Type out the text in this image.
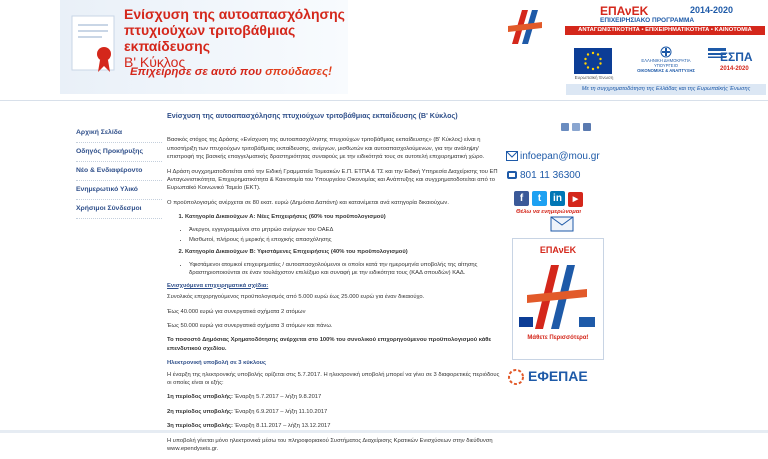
Ενίσχυση της αυτοαπασχόλησης
πτυχιούχων τριτοβάθμιας εκπαίδευσης
Β' Κύκλος
Επιχείρησε σε αυτό που σπούδασες!
ΕΠΑνΕΚ	2014-2020
ΕΠΙΧΕΙΡΗΣΙΑΚΟ ΠΡΟΓΡΑΜΜΑ
ΑΝΤΑΓΩΝΙΣΤΙΚΟΤΗΤΑ • ΕΠΙΧΕΙΡΗΜΑΤΙΚΟΤΗΤΑ • ΚΑΙΝΟΤΟΜΙΑ
Ευρωπαϊκή Ένωση
ΕΛΛΗΝΙΚΗ ΔΗΜΟΚΡΑΤΙΑ
ΥΠΟΥΡΓΕΙΟ
ΟΙΚΟΝΟΜΙΑΣ & ΑΝΑΠΤΥΞΗΣ
ΕΣΠΑ
2014-2020
Με τη συγχρηματοδότηση της Ελλάδας και της Ευρωπαϊκής Ένωσης
Αρχική Σελίδα
Οδηγός Προκήρυξης
Νέο & Ενδιαφέροντο
Ενημερωτικό Υλικό
Χρήσιμοι Σύνδεσμοι
Ενίσχυση της αυτοαπασχόλησης πτυχιούχων τριτοβάθμιας εκπαίδευσης (Β' Κύκλος)

Βασικός στόχος της Δράσης «Ενίσχυση της αυτοαπασχόλησης πτυχιούχων τριτοβάθμιας εκπαίδευσης» (Β' Κύκλος) είναι η υποστήριξη των πτυχιούχων τριτοβάθμιας εκπαίδευσης, ανέργων, μισθωτών και αυτοαπασχολούμενων, για την ανάληψη/επιστροφή της βασικής επαγγελματικής δραστηριότητας συναφούς με την ειδικότητά τους σε αυτοτελή επιχειρηματική χώρο.

Η Δράση συγχρηματοδοτείται από την Ειδική Γραμματεία Τομεακών Ε.Π. ΕΤΠΑ & ΤΣ και την Ειδική Υπηρεσία Διαχείρισης του ΕΠ Ανταγωνιστικότητα, Επιχειρηματικότητα & Καινοτομία του Υπουργείου Οικονομίας και Ανάπτυξης και συγχρηματοδοτείται από το Ευρωπαϊκό Κοινωνικό Ταμείο (ΕΚΤ).

Ο προϋπολογισμός ανέρχεται σε 80 εκατ. ευρώ (Δημόσια Δαπάνη) και κατανέμεται ανά κατηγορία δικαιούχων.

1. Κατηγορία Δικαιούχων Α: Νέες Επιχειρήσεις (60% του προϋπολογισμού)
• Άνεργοι, εγγεγραμμένοι στο μητρώο ανέργων του ΟΑΕΔ
• Μισθωτοί, πλήρους ή μερικής ή εποχικής απασχόλησης
2. Κατηγορία Δικαιούχων Β: Υφιστάμενες Επιχειρήσεις (40% του προϋπολογισμού)
• Υφιστάμενοι ατομικοί επιχειρηματίες / αυτοαπασχολούμενοι οι οποίοι κατά την ημερομηνία υποβολής της αίτησης δραστηριοποιούνται σε έναν τουλάχιστον επιλέξιμο και συναφή με την ειδικότητα τους (ΚΑΔ σπουδών) ΚΑΔ.
Ενισχυόμενα επιχειρηματικά σχέδια:

Συνολικός επιχορηγούμενος προϋπολογισμός από 5.000 ευρώ έως 25.000 ευρώ για έναν δικαιούχο.

Έως 40.000 ευρώ για συνεργατικά σχήματα 2 ατόμων

Έως 50.000 ευρώ για συνεργατικά σχήματα 3 ατόμων και πάνω.

Το ποσοστό Δημόσιας Χρηματοδότησης ανέρχεται στο 100% του συνολικού επιχορηγούμενου προϋπολογισμού κάθε επενδυτικού σχεδίου.

Ηλεκτρονική υποβολή σε 3 κύκλους

Η έναρξη της ηλεκτρονικής υποβολής ορίζεται στις 5.7.2017. Η ηλεκτρονική υποβολή μπορεί να γίνει σε 3 διαφορετικές περιόδους οι οποίες είναι οι εξής:

1η περίοδος υποβολής: Έναρξη 5.7.2017 – λήξη 9.8.2017

2η περίοδος υποβολής: Έναρξη 6.9.2017 – λήξη 11.10.2017

3η περίοδος υποβολής: Έναρξη 8.11.2017 – λήξη 13.12.2017

Η υποβολή γίνεται μόνο ηλεκτρονικά μέσω του πληροφοριακού Συστήματος Διαχείρισης Κρατικών Ενισχύσεων στην διεύθυνση www.ependyseis.gr.

infoepan@mou.gr
801 11 36300
f t in ▶
Θέλω να ενημερώνομαι
ΕΠΑνΕΚ
Μάθετε Περισσότερα!
ΕΦΕΠΑΕ
